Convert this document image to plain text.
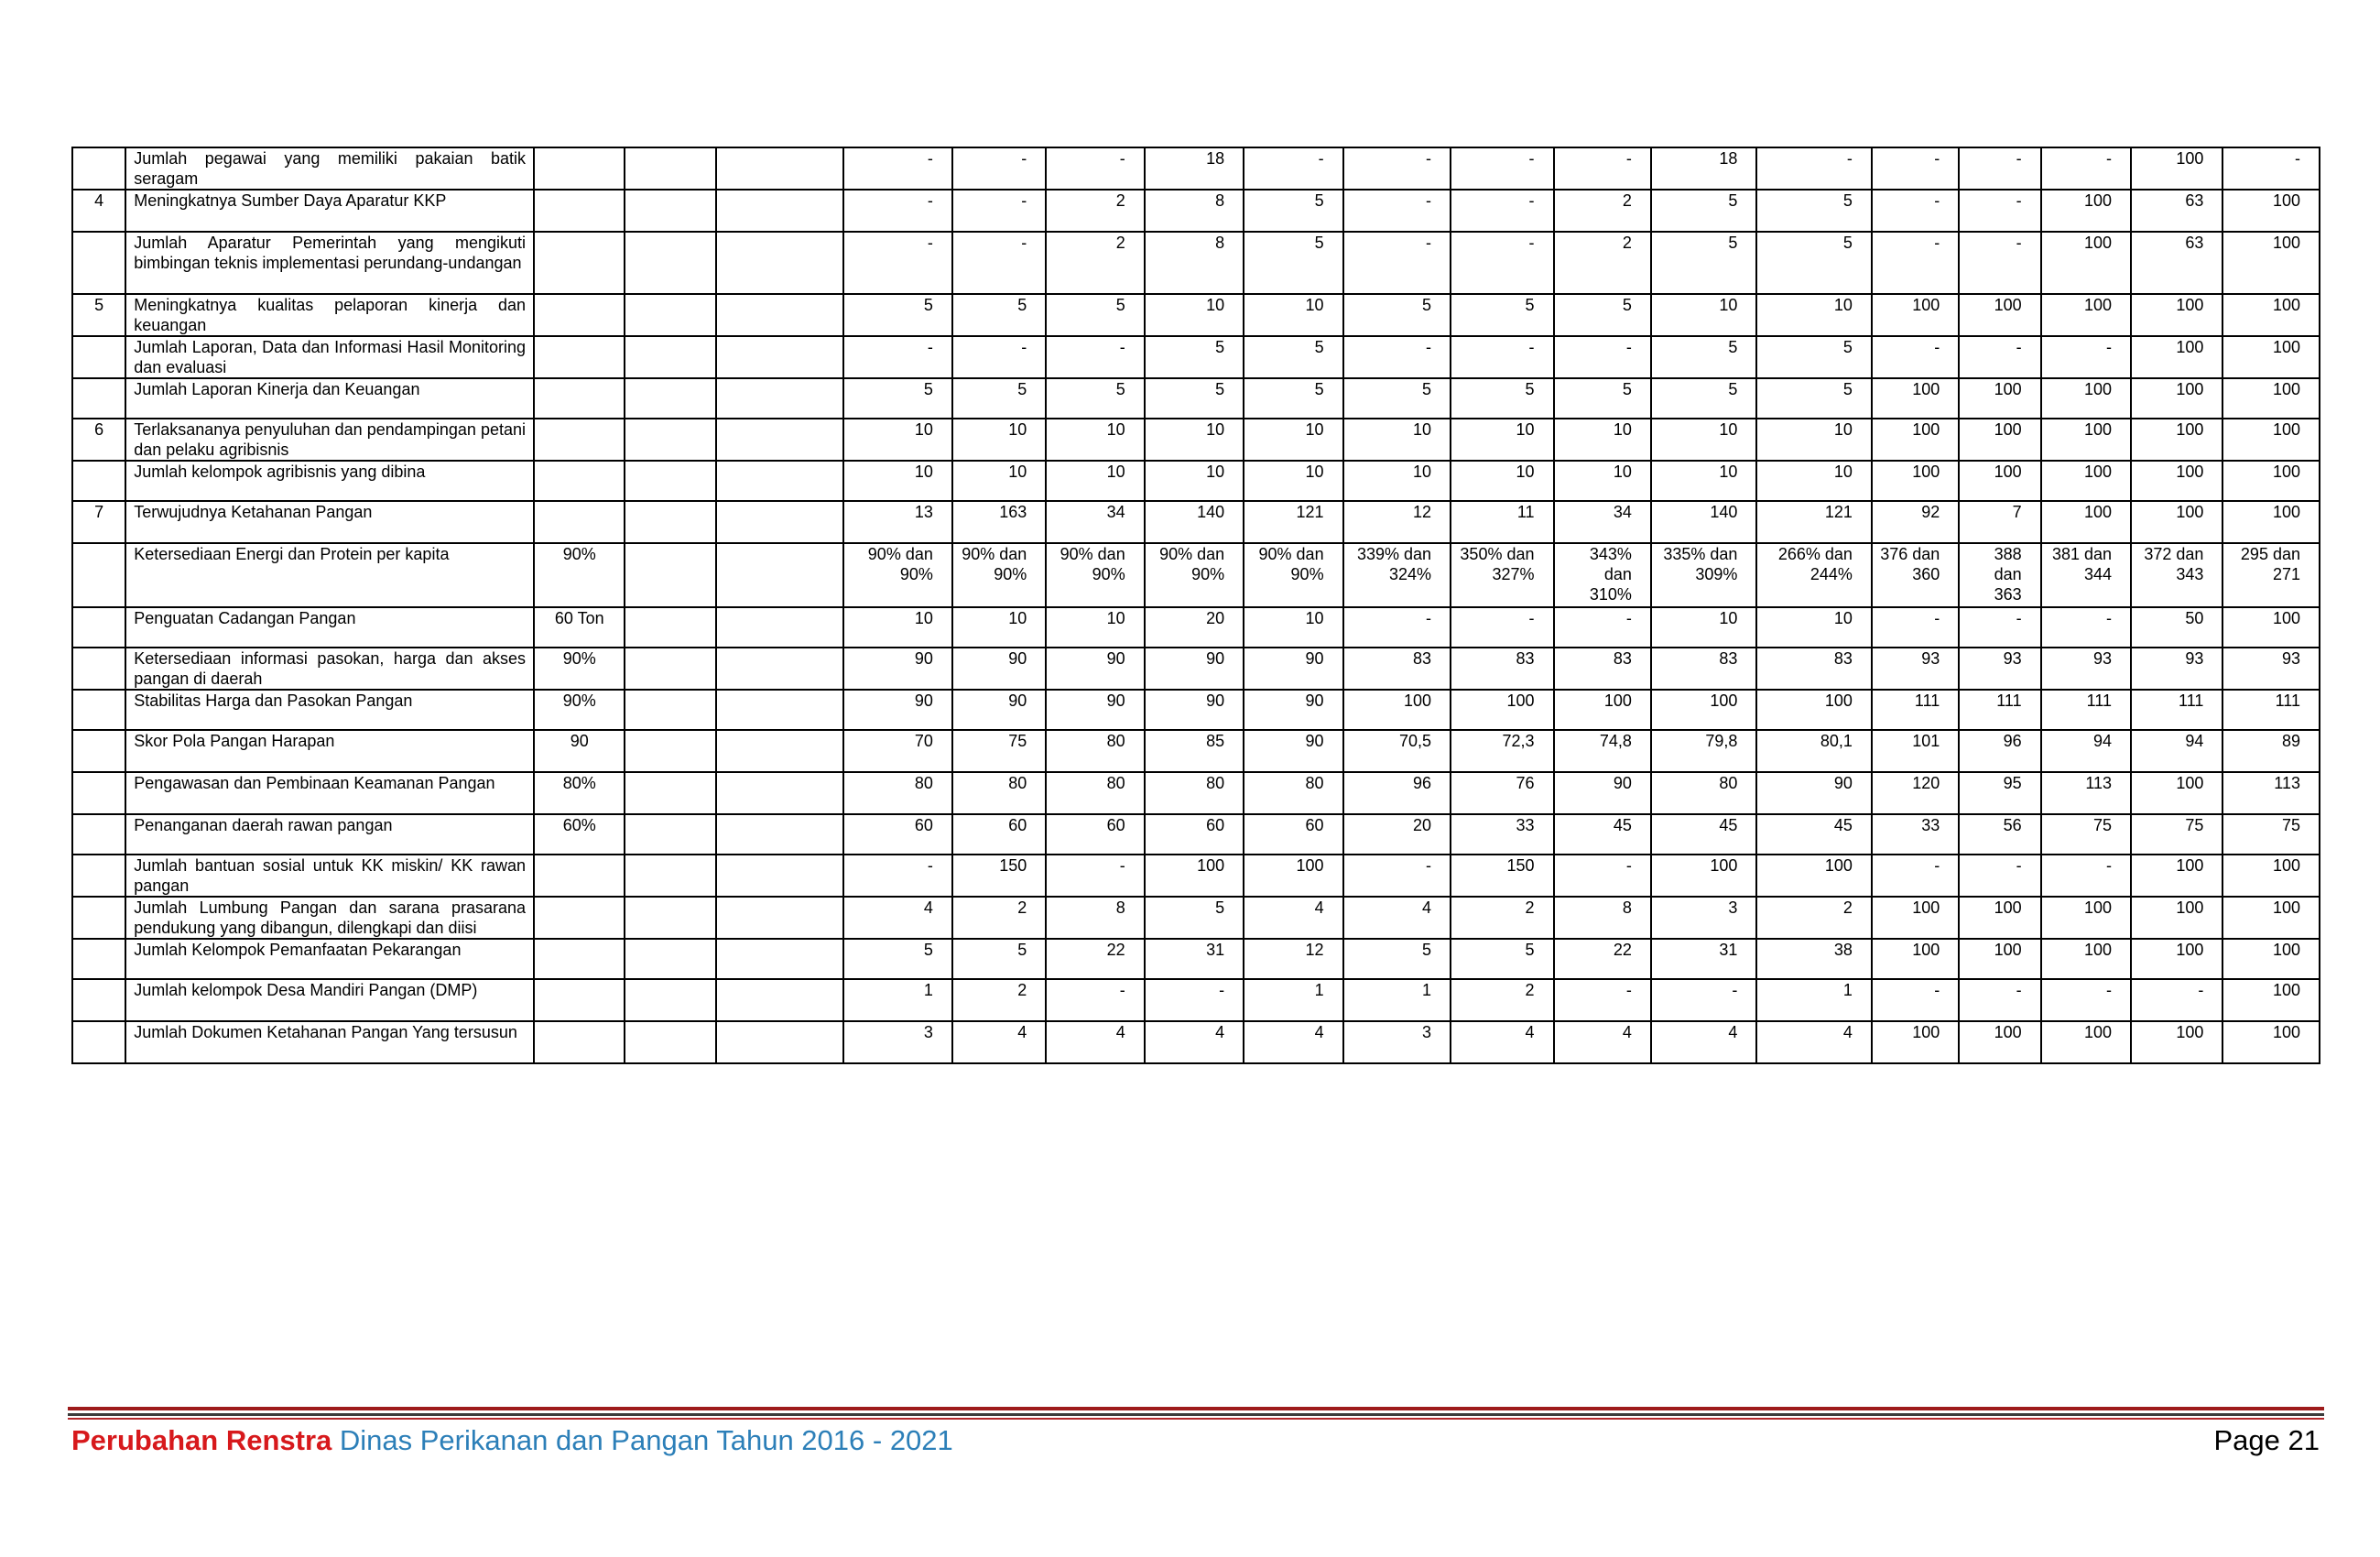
	Jumlah pegawai yang memiliki pakaian batik seragam				-	-	-	18	-	-	-	-	18	-	-	-	-	100	-
4	Meningkatnya Sumber Daya Aparatur KKP				-	-	2	8	5	-	-	2	5	5	-	-	100	63	100
	Jumlah Aparatur Pemerintah yang mengikuti bimbingan teknis implementasi perundang-undangan				-	-	2	8	5	-	-	2	5	5	-	-	100	63	100
5	Meningkatnya kualitas pelaporan kinerja dan keuangan				5	5	5	10	10	5	5	5	10	10	100	100	100	100	100
	Jumlah Laporan, Data dan Informasi Hasil Monitoring dan evaluasi				-	-	-	5	5	-	-	-	5	5	-	-	-	100	100
	Jumlah Laporan Kinerja dan Keuangan				5	5	5	5	5	5	5	5	5	5	100	100	100	100	100
6	Terlaksananya penyuluhan dan pendampingan petani dan pelaku agribisnis				10	10	10	10	10	10	10	10	10	10	100	100	100	100	100
	Jumlah kelompok agribisnis yang dibina				10	10	10	10	10	10	10	10	10	10	100	100	100	100	100
7	Terwujudnya Ketahanan Pangan				13	163	34	140	121	12	11	34	140	121	92	7	100	100	100
	Ketersediaan Energi dan Protein per kapita	90%			90% dan 90%	90% dan 90%	90% dan 90%	90% dan 90%	90% dan 90%	339% dan 324%	350% dan 327%	343% dan 310%	335% dan 309%	266% dan 244%	376 dan 360	388 dan 363	381 dan 344	372 dan 343	295 dan 271
	Penguatan Cadangan Pangan	60 Ton			10	10	10	20	10	-	-	-	10	10	-	-	-	50	100
	Ketersediaan informasi pasokan, harga dan akses pangan di daerah	90%			90	90	90	90	90	83	83	83	83	83	93	93	93	93	93
	Stabilitas Harga dan Pasokan Pangan	90%			90	90	90	90	90	100	100	100	100	100	111	111	111	111	111
	Skor Pola Pangan Harapan	90			70	75	80	85	90	70,5	72,3	74,8	79,8	80,1	101	96	94	94	89
	Pengawasan dan Pembinaan Keamanan Pangan	80%			80	80	80	80	80	96	76	90	80	90	120	95	113	100	113
	Penanganan daerah rawan pangan	60%			60	60	60	60	60	20	33	45	45	45	33	56	75	75	75
	Jumlah bantuan sosial untuk KK miskin/ KK rawan pangan				-	150	-	100	100	-	150	-	100	100	-	-	-	100	100
	Jumlah Lumbung Pangan dan sarana prasarana pendukung yang dibangun, dilengkapi dan diisi				4	2	8	5	4	4	2	8	3	2	100	100	100	100	100
	Jumlah Kelompok Pemanfaatan Pekarangan				5	5	22	31	12	5	5	22	31	38	100	100	100	100	100
	Jumlah kelompok Desa Mandiri Pangan (DMP)				1	2	-	-	1	1	2	-	-	1	-	-	-	-	100
	Jumlah Dokumen Ketahanan Pangan Yang tersusun				3	4	4	4	4	3	4	4	4	4	100	100	100	100	100
Perubahan Renstra Dinas Perikanan dan Pangan Tahun 2016 - 2021	Page 21
